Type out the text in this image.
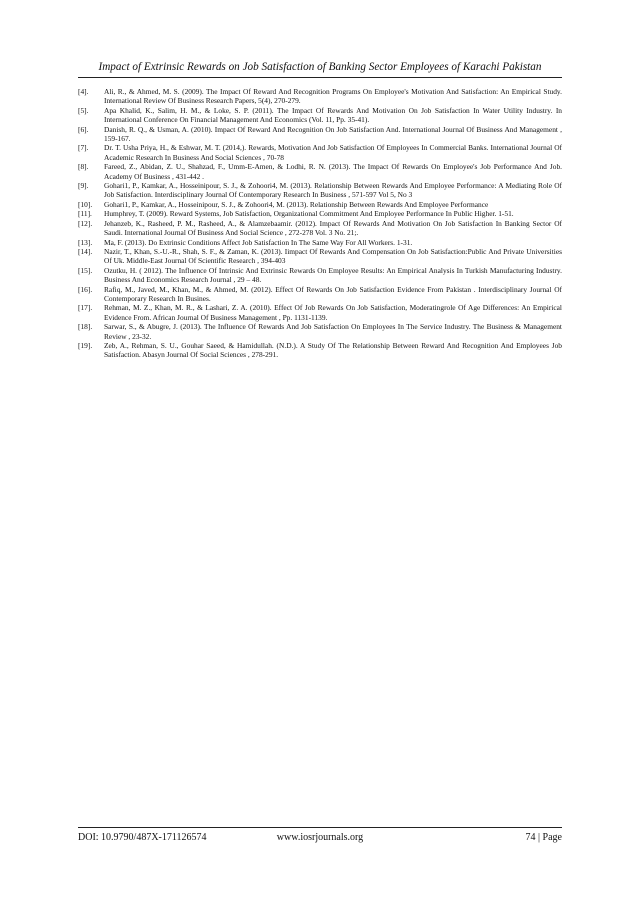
Impact of Extrinsic Rewards on Job Satisfaction of Banking Sector Employees of Karachi Pakistan
[4].	Ali, R., & Ahmed, M. S. (2009). The Impact Of Reward And Recognition Programs On Employee's Motivation And Satisfaction: An Empirical Study. International Review Of Business Research Papers, 5(4), 270-279.
[5].	Apa Khalid, K., Salim, H. M., & Loke, S. P. (2011). The Impact Of Rewards And Motivation On Job Satisfaction In Water Utility Industry. In International Conference On Financial Management And Economics (Vol. 11, Pp. 35-41).
[6].	Danish, R. Q., & Usman, A. (2010). Impact Of Reward And Recognition On Job Satisfaction And. International Journal Of Business And Management , 159-167.
[7].	Dr. T. Usha Priya, H., & Eshwar, M. T. (2014,). Rewards, Motivation And Job Satisfaction Of Employees In Commercial Banks. International Journal Of Academic Research In Business And Social Sciences , 70-78
[8].	Fareed, Z., Abidan, Z. U., Shahzad, F., Umm-E-Amen, & Lodhi, R. N. (2013). The Impact Of Rewards On Employee's Job Performance And Job. Academy Of Business , 431-442 .
[9].	Gohari1, P., Kamkar, A., Hosseinipour, S. J., & Zohoori4, M. (2013). Relationship Between Rewards And Employee Performance: A Mediating Role Of Job Satisfaction. Interdisciplinary Journal Of Contemporary Research In Business , 571-597 Vol 5, No 3
[10].	Gohari1, P., Kamkar, A., Hosseinipour, S. J., & Zohoori4, M. (2013). Relationship Between Rewards And Employee Performance
[11].	Humphrey, T. (2009). Reward Systems, Job Satisfaction, Organizational Commitment And Employee Performance In Public Higher. 1-51.
[12].	Jehanzeb, K., Rasheed, P. M., Rasheed, A., & Alamzebaamir. (2012). Impact Of Rewards And Motivation On Job Satisfaction In Banking Sector Of Saudi. International Journal Of Business And Social Science , 272-278 Vol. 3 No. 21;.
[13].	Ma, F. (2013). Do Extrinsic Conditions Affect Job Satisfaction In The Same Way For All Workers. 1-31.
[14].	Nazir, T., Khan, S.-U.-R., Shah, S. F., & Zaman, K. (2013). Iimpact Of Rewards And Compensation On Job Satisfaction:Public And Private Universities Of Uk. Middle-East Journal Of Scientific Research , 394-403
[15].	Ozutku, H. ( 2012). The Influence Of Intrinsic And Extrinsic Rewards On Employee Results: An Empirical Analysis In Turkish Manufacturing Industry. Business And Economics Research Journal , 29 – 48.
[16].	Rafiq, M., Javed, M., Khan, M., & Ahmed, M. (2012). Effect Of Rewards On Job Satisfaction Evidence From Pakistan . Interdisciplinary Journal Of Contemporary Research In Busines.
[17].	Rehman, M. Z., Khan, M. R., & Lashari, Z. A. (2010). Effect Of Job Rewards On Job Satisfaction, Moderatingrole Of Age Differences: An Empirical Evidence From. African Journal Of Business Management , Pp. 1131-1139.
[18].	Sarwar, S., & Abugre, J. (2013). The Influence Of Rewards And Job Satisfaction On Employees In The Service Industry. The Business & Management Review , 23-32.
[19].	Zeb, A., Rehman, S. U., Gouhar Saeed, & Hamidullah. (N.D.). A Study Of The Relationship Between Reward And Recognition And Employees Job Satisfaction. Abasyn Journal Of Social Sciences , 278-291.
DOI: 10.9790/487X-171126574	www.iosrjournals.org	74 | Page
